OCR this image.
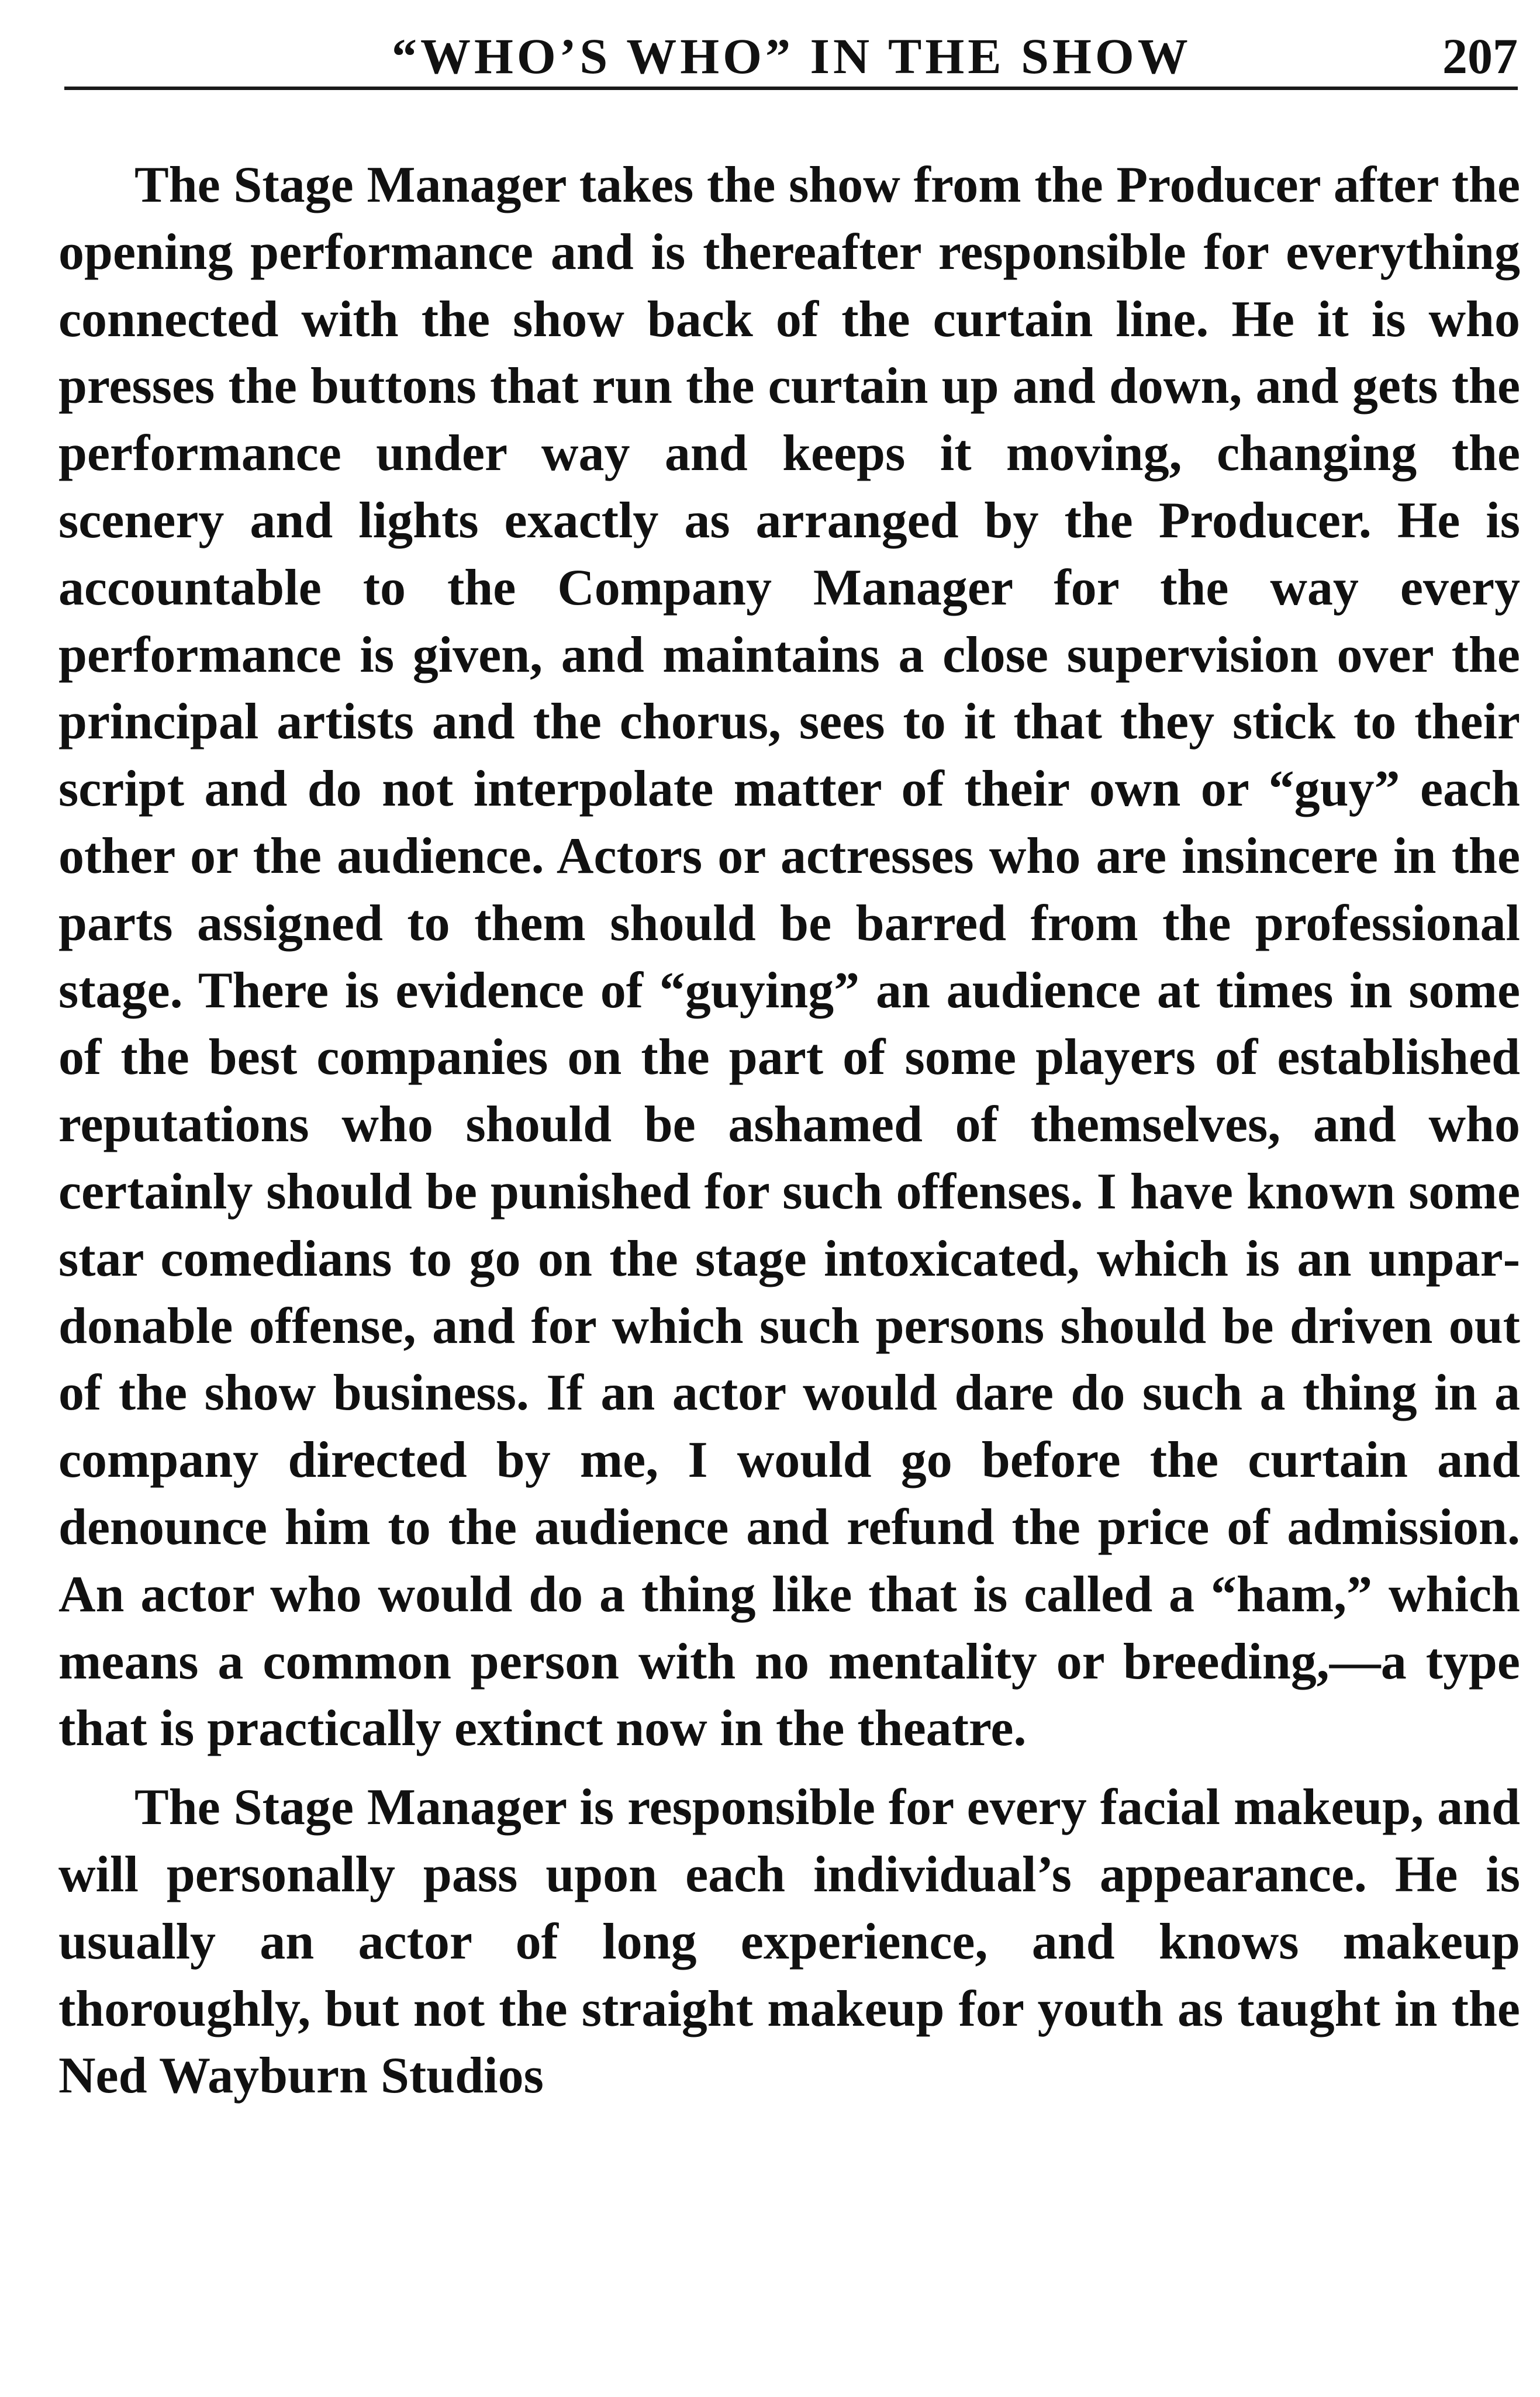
“WHO’S WHO” IN THE SHOW	207

The Stage Manager takes the show from the Producer after the opening performance and is thereafter responsible for everything connected with the show back of the curtain line. He it is who presses the buttons that run the curtain up and down, and gets the performance under way and keeps it moving, changing the scenery and lights exactly as arranged by the Producer. He is accountable to the Company Manager for the way every performance is given, and maintains a close supervision over the principal artists and the chorus, sees to it that they stick to their script and do not interpolate matter of their own or “guy” each other or the audience. Actors or actresses who are insincere in the parts assigned to them should be barred from the professional stage. There is evidence of “guying” an audience at times in some of the best companies on the part of some players of established reputations who should be ashamed of themselves, and who certainly should be punished for such offenses. I have known some star comedians to go on the stage intoxicated, which is an unpardonable offense, and for which such persons should be driven out of the show business. If an actor would dare do such a thing in a company directed by me, I would go before the curtain and denounce him to the audience and refund the price of admission. An actor who would do a thing like that is called a “ham,” which means a common person with no mentality or breeding,—a type that is practically extinct now in the theatre.

The Stage Manager is responsible for every facial makeup, and will personally pass upon each individual’s appearance. He is usually an actor of long experience, and knows makeup thoroughly, but not the straight makeup for youth as taught in the Ned Wayburn Studios
